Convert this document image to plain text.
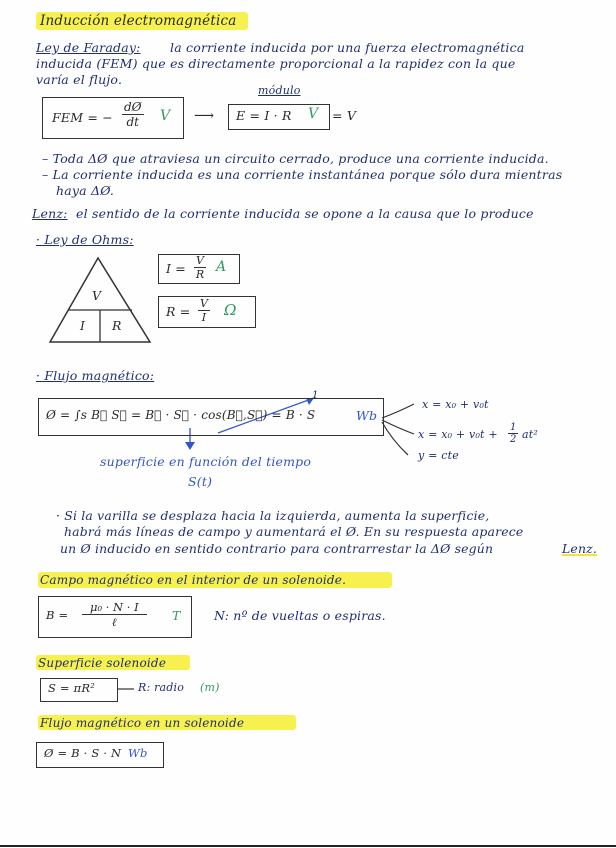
Inducción electromagnética
Ley de Faraday: la corriente inducida por una fuerza electromagnética
inducida (FEM) que es directamente proporcional a la rapidez con la que
varía el flujo.
FEM = − $\frac{dØ}{dt}$ V ⟶
módulo
E = I · R V = V
– Toda ΔØ que atraviesa un circuito cerrado, produce una corriente inducida.
– La corriente inducida es una corriente instantánea porque sólo dura mientras
haya ΔØ.
Lenz: el sentido de la corriente inducida se opone a la causa que lo produce
· Ley de Ohms:
V
I R
$I = \frac{V}{R}$ A
$R = \frac{V}{I}$ Ω
· Flujo magnético:
1
Ø = ∫s B⃗ S⃗ = B⃗ · S⃗ · cos(B⃗,S⃗) = B · S	Wb
x = x₀ + v₀t
$x = x_0 + v_0t + \frac{1}{2} at^2$
y = cte
superficie en función del tiempo
S(t)
· Si la varilla se desplaza hacia la izquierda, aumenta la superficie,
habrá más líneas de campo y aumentará el Ø. En su respuesta aparece
un Ø inducido en sentido contrario para contrarrestar la ΔØ según	Lenz.
Campo magnético en el interior de un solenoide.
B =
μ₀ · N · I
ℓ	T	N: nº de vueltas o espiras.
Superficie solenoide
S = πR²	R: radio (m)
Flujo magnético en un solenoide
Ø = B · S · N Wb
